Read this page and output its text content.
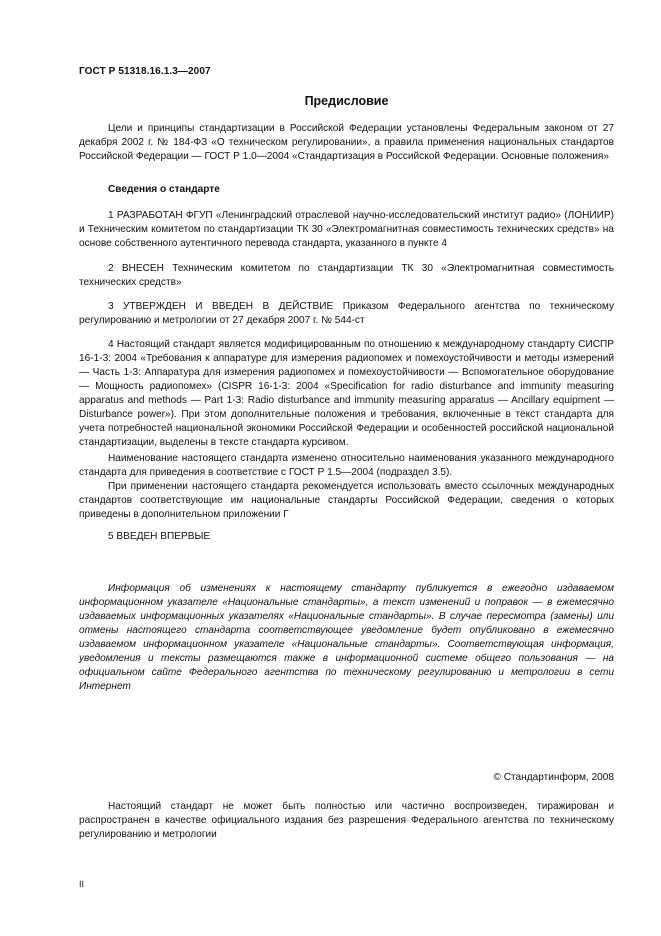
ГОСТ Р 51318.16.1.3—2007
Предисловие

Цели и принципы стандартизации в Российской Федерации установлены Федеральным законом от 27 декабря 2002 г. № 184-ФЗ «О техническом регулировании», а правила применения национальных стандартов Российской Федерации — ГОСТ Р 1.0—2004 «Стандартизация в Российской Федерации. Основные положения»

Сведения о стандарте

1 РАЗРАБОТАН ФГУП «Ленинградский отраслевой научно-исследовательский институт радио» (ЛОНИИР) и Техническим комитетом по стандартизации ТК 30 «Электромагнитная совместимость технических средств» на основе собственного аутентичного перевода стандарта, указанного в пункте 4

2 ВНЕСЕН Техническим комитетом по стандартизации ТК 30 «Электромагнитная совместимость технических средств»

3 УТВЕРЖДЕН И ВВЕДЕН В ДЕЙСТВИЕ Приказом Федерального агентства по техническому регулированию и метрологии от 27 декабря 2007 г. № 544-ст

4 Настоящий стандарт является модифицированным по отношению к международному стандарту СИСПР 16-1-3: 2004 «Требования к аппаратуре для измерения радиопомех и помехоустойчивости и методы измерений — Часть 1-3: Аппаратура для измерения радиопомех и помехоустойчивости — Вспомогательное оборудование — Мощность радиопомех» (CISPR 16-1-3: 2004 «Specification for radio disturbance and immunity measuring apparatus and methods — Part 1-3: Radio disturbance and immunity measuring apparatus — Ancillary equipment — Disturbance power»). При этом дополнительные положения и требования, включенные в текст стандарта для учета потребностей национальной экономики Российской Федерации и особенностей российской национальной стандартизации, выделены в тексте стандарта курсивом.

Наименование настоящего стандарта изменено относительно наименования указанного международного стандарта для приведения в соответствие с ГОСТ Р 1.5—2004 (подраздел 3.5).

При применении настоящего стандарта рекомендуется использовать вместо ссылочных международных стандартов соответствующие им национальные стандарты Российской Федерации, сведения о которых приведены в дополнительном приложении Г

5 ВВЕДЕН ВПЕРВЫЕ

Информация об изменениях к настоящему стандарту публикуется в ежегодно издаваемом информационном указателе «Национальные стандарты», а текст изменений и поправок — в ежемесячно издаваемых информационных указателях «Национальные стандарты». В случае пересмотра (замены) или отмены настоящего стандарта соответствующее уведомление будет опубликовано в ежемесячно издаваемом информационном указателе «Национальные стандарты». Соответствующая информация, уведомления и тексты размещаются также в информационной системе общего пользования — на официальном сайте Федерального агентства по техническому регулированию и метрологии в сети Интернет

© Стандартинформ, 2008

Настоящий стандарт не может быть полностью или частично воспроизведен, тиражирован и распространен в качестве официального издания без разрешения Федерального агентства по техническому регулированию и метрологии

II
